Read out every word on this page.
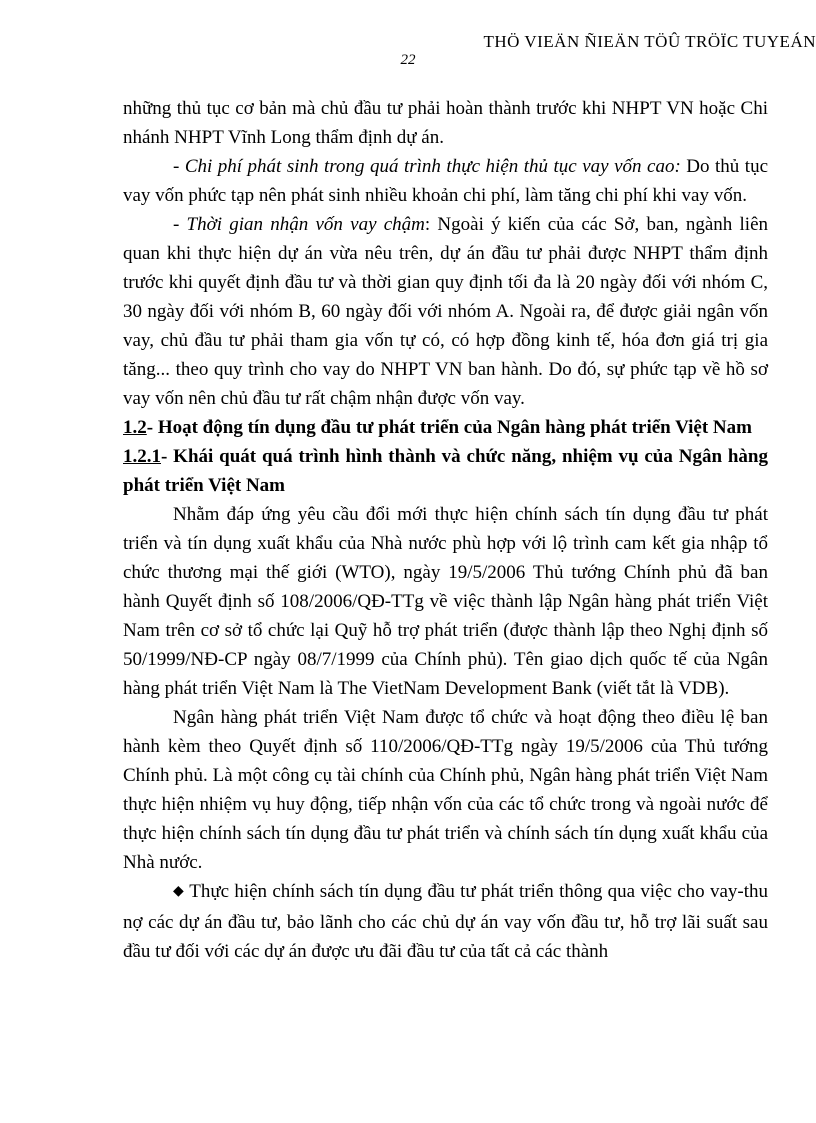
THÖ VIEÄN ÑIEÄN TÖÛ TRÖÏC TUYEÁN
22

những thủ tục cơ bản mà chủ đầu tư phải hoàn thành trước khi NHPT VN hoặc Chi nhánh NHPT Vĩnh Long thẩm định dự án.

- Chi phí phát sinh trong quá trình thực hiện thủ tục vay vốn cao: Do thủ tục vay vốn phức tạp nên phát sinh nhiều khoản chi phí, làm tăng chi phí khi vay vốn.

- Thời gian nhận vốn vay chậm: Ngoài ý kiến của các Sở, ban, ngành liên quan khi thực hiện dự án vừa nêu trên, dự án đầu tư phải được NHPT thẩm định trước khi quyết định đầu tư và thời gian quy định tối đa là 20 ngày đối với nhóm C, 30 ngày đối với nhóm B, 60 ngày đối với nhóm A. Ngoài ra, để được giải ngân vốn vay, chủ đầu tư phải tham gia vốn tự có, có hợp đồng kinh tế, hóa đơn giá trị gia tăng... theo quy trình cho vay do NHPT VN ban hành. Do đó, sự phức tạp về hồ sơ vay vốn nên chủ đầu tư rất chậm nhận được vốn vay.

1.2- Hoạt động tín dụng đầu tư phát triển của Ngân hàng phát triển Việt Nam

1.2.1- Khái quát quá trình hình thành và chức năng, nhiệm vụ của Ngân hàng phát triển Việt Nam

Nhằm đáp ứng yêu cầu đổi mới thực hiện chính sách tín dụng đầu tư phát triển và tín dụng xuất khẩu của Nhà nước phù hợp với lộ trình cam kết gia nhập tổ chức thương mại thế giới (WTO), ngày 19/5/2006 Thủ tướng Chính phủ đã ban hành Quyết định số 108/2006/QĐ-TTg về việc thành lập Ngân hàng phát triển Việt Nam trên cơ sở tổ chức lại Quỹ hỗ trợ phát triển (được thành lập theo Nghị định số 50/1999/NĐ-CP ngày 08/7/1999 của Chính phủ). Tên giao dịch quốc tế của Ngân hàng phát triển Việt Nam là The VietNam Development Bank (viết tắt là VDB).

Ngân hàng phát triển Việt Nam được tổ chức và hoạt động theo điều lệ ban hành kèm theo Quyết định số 110/2006/QĐ-TTg ngày 19/5/2006 của Thủ tướng Chính phủ. Là một công cụ tài chính của Chính phủ, Ngân hàng phát triển Việt Nam thực hiện nhiệm vụ huy động, tiếp nhận vốn của các tổ chức trong và ngoài nước để thực hiện chính sách tín dụng đầu tư phát triển và chính sách tín dụng xuất khẩu của Nhà nước.

◆ Thực hiện chính sách tín dụng đầu tư phát triển thông qua việc cho vay-thu nợ các dự án đầu tư, bảo lãnh cho các chủ dự án vay vốn đầu tư, hỗ trợ lãi suất sau đầu tư đối với các dự án được ưu đãi đầu tư của tất cả các thành
